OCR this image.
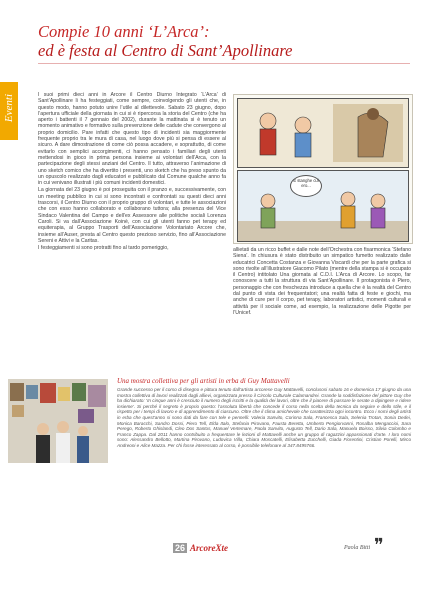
Compie 10 anni ‘L’Arca’:
ed è festa al Centro di Sant’Apollinare
Eventi	I suoi primi dieci anni in Arcore il Centro Diurno Integrato ‘L’Arca’ di Sant’Apollinare li ha festeggiati, come sempre, coinvolgendo gli utenti che, in questo modo, hanno potuto unire l’utile al dilettevole. Sabato 23 giugno, dopo l’apertura ufficiale della giornata in cui si è ripercorsa la storia del Centro (che ha aperto i battenti il 7 gennaio del 2002), durante la mattinata si è tenuto un momento animativo e formativo sulla prevenzione delle cadute che convergono al proprio domicilio. Pare infatti che questo tipo di incidenti sia maggiormente frequente proprio tra le mura di casa, nel luogo dove più si pensa di essere al sicuro. A dare dimostrazione di come ciò possa accadere, e soprattutto, di come evitarlo con semplici accorgimenti, ci hanno pensato i familiari degli utenti mettendosi in gioco in prima persona insieme ai volontari dell’Arca, con la partecipazione degli stessi anziani del Centro. Il tutto, attraverso l’animazione di uno sketch comico che ha divertito i presenti, uno sketch che ha preso spunto da un opuscolo realizzato dagli educatori e pubblicato dal Comune qualche anno fa in cui venivano illustrati i più comuni incidenti domestici.

La giornata del 23 giugno è poi proseguita con il pranzo e, successivamente, con un meeting pubblico in cui si sono incontrati e confrontati su questi dieci anni trascorsi, il Centro Diurno con il proprio gruppo di volontari, e tutte le associazioni che con esso hanno collaborato e collaborano tuttora; alla presenza del Vice Sindaco Valentina del Campo e dell’ex Assessore alle politiche sociali Lorenza Caroli. Si va dall’Associazione Koinè, con cui gli utenti fanno pet terapy ed equiterapia, al Gruppo Trasporti dell’Associazione Volontariato Arcore che, insieme all’Auser, presta al Centro questo prezioso servizio, fino all’Associazione Sereni e Attivi e la Caritas.

I festeggiamenti si sono protratti fino al tardo pomeriggio,

E stanghe cui ero...

allietati da un ricco buffet e dalle note dell’Orchestra con fisarmonica ‘Stefano Siena’. In chiusura è stato distribuito un simpatico fumetto realizzato dalle educatrici Concetta Costanza e Giovanna Viscardi che per la parte grafica si sono rivolte all’illustratore Giacomo Pilato (mentre della stampa si è occupato il Centro) intitolato Una giornata al C.D.I. L’Arca di Arcore. Lo scopo, far conoscere a tutti la struttura di via Sant’Apollinare. Il protagonista è Piero, personaggio che con freschezza introduce a quella che è la realtà del Centro dal punto di vista dei frequentatori; una realtà fatta di feste e giochi, ma anche di cure per il corpo, pet terapy, laboratori artistici, momenti culturali e attività per il sociale come, ad esempio, la realizzazione delle Pigotte per l’Unicef.

Una mostra collettiva per gli artisti in erba di Guy Mattavelli
Grande successo per il corso di disegno e pittura tenuto dall’artista arcorese Guy Mattavelli, conclusosi sabato 16 e domenica 17 giugno da una mostra collettiva di lavori realizzati dagli allievi, organizzata presso il Circolo Culturale Calamandrei. Grande la soddisfazione del pittore Guy che ha dichiarato: ‘In cinque anni è cresciuto il numero degli iscritti e la qualità dei lavori, oltre che il piacere di passare le serate a dipingere e ridere insieme’. Si perché il segreto è proprio questo: l’assoluta libertà che concede il corso nella scelta della tecnica da seguire e dello stile, e il rispetto per i tempi di lavoro e di apprendimento di ciascuno. Oltre che il clima amichevole che caratterizza ogni incontro. Ecco i nomi degli artisti in erba che quest’anno si sono dati da fare con tele e pennelli: Valeria Sanvito, Corinna Sala, Francesca Sala, Selenia Trotan, Sonia Dedei, Monica Baracchi, Sandro Dossi, Piero Tell, Elda Italo, Stefania Pirovano, Fausta Beretta, Umberto Pengiorvanni, Rosalba Mengaccioi, Sara Perego, Roberto Ghislandi, Cleo Dos Santos, Manuel Vertemare, Paola Sanvito, Augusto Tell, Dario Sala, Manuela Boisso, Silvia Colombo e Franco Zappa. Dal 2011 hanno contribuito a frequentare le lezioni di Mattavelli anche un gruppo di ragazzini appassionati d’arte. I loro nomi sono: Alessandro Bellotto, Martina Pirovano, Ludovica Villa, Chiara Moscatelli, Elisabetta Zucchelli, Giada Fiorentini, Cristian Porelli, Mirco Andreoni e Alice Mazza. Per chi fosse interessato al corso, è possibile telefonare al 347.8495766.
26 ArcoreXte	Paola Bitti ❞
